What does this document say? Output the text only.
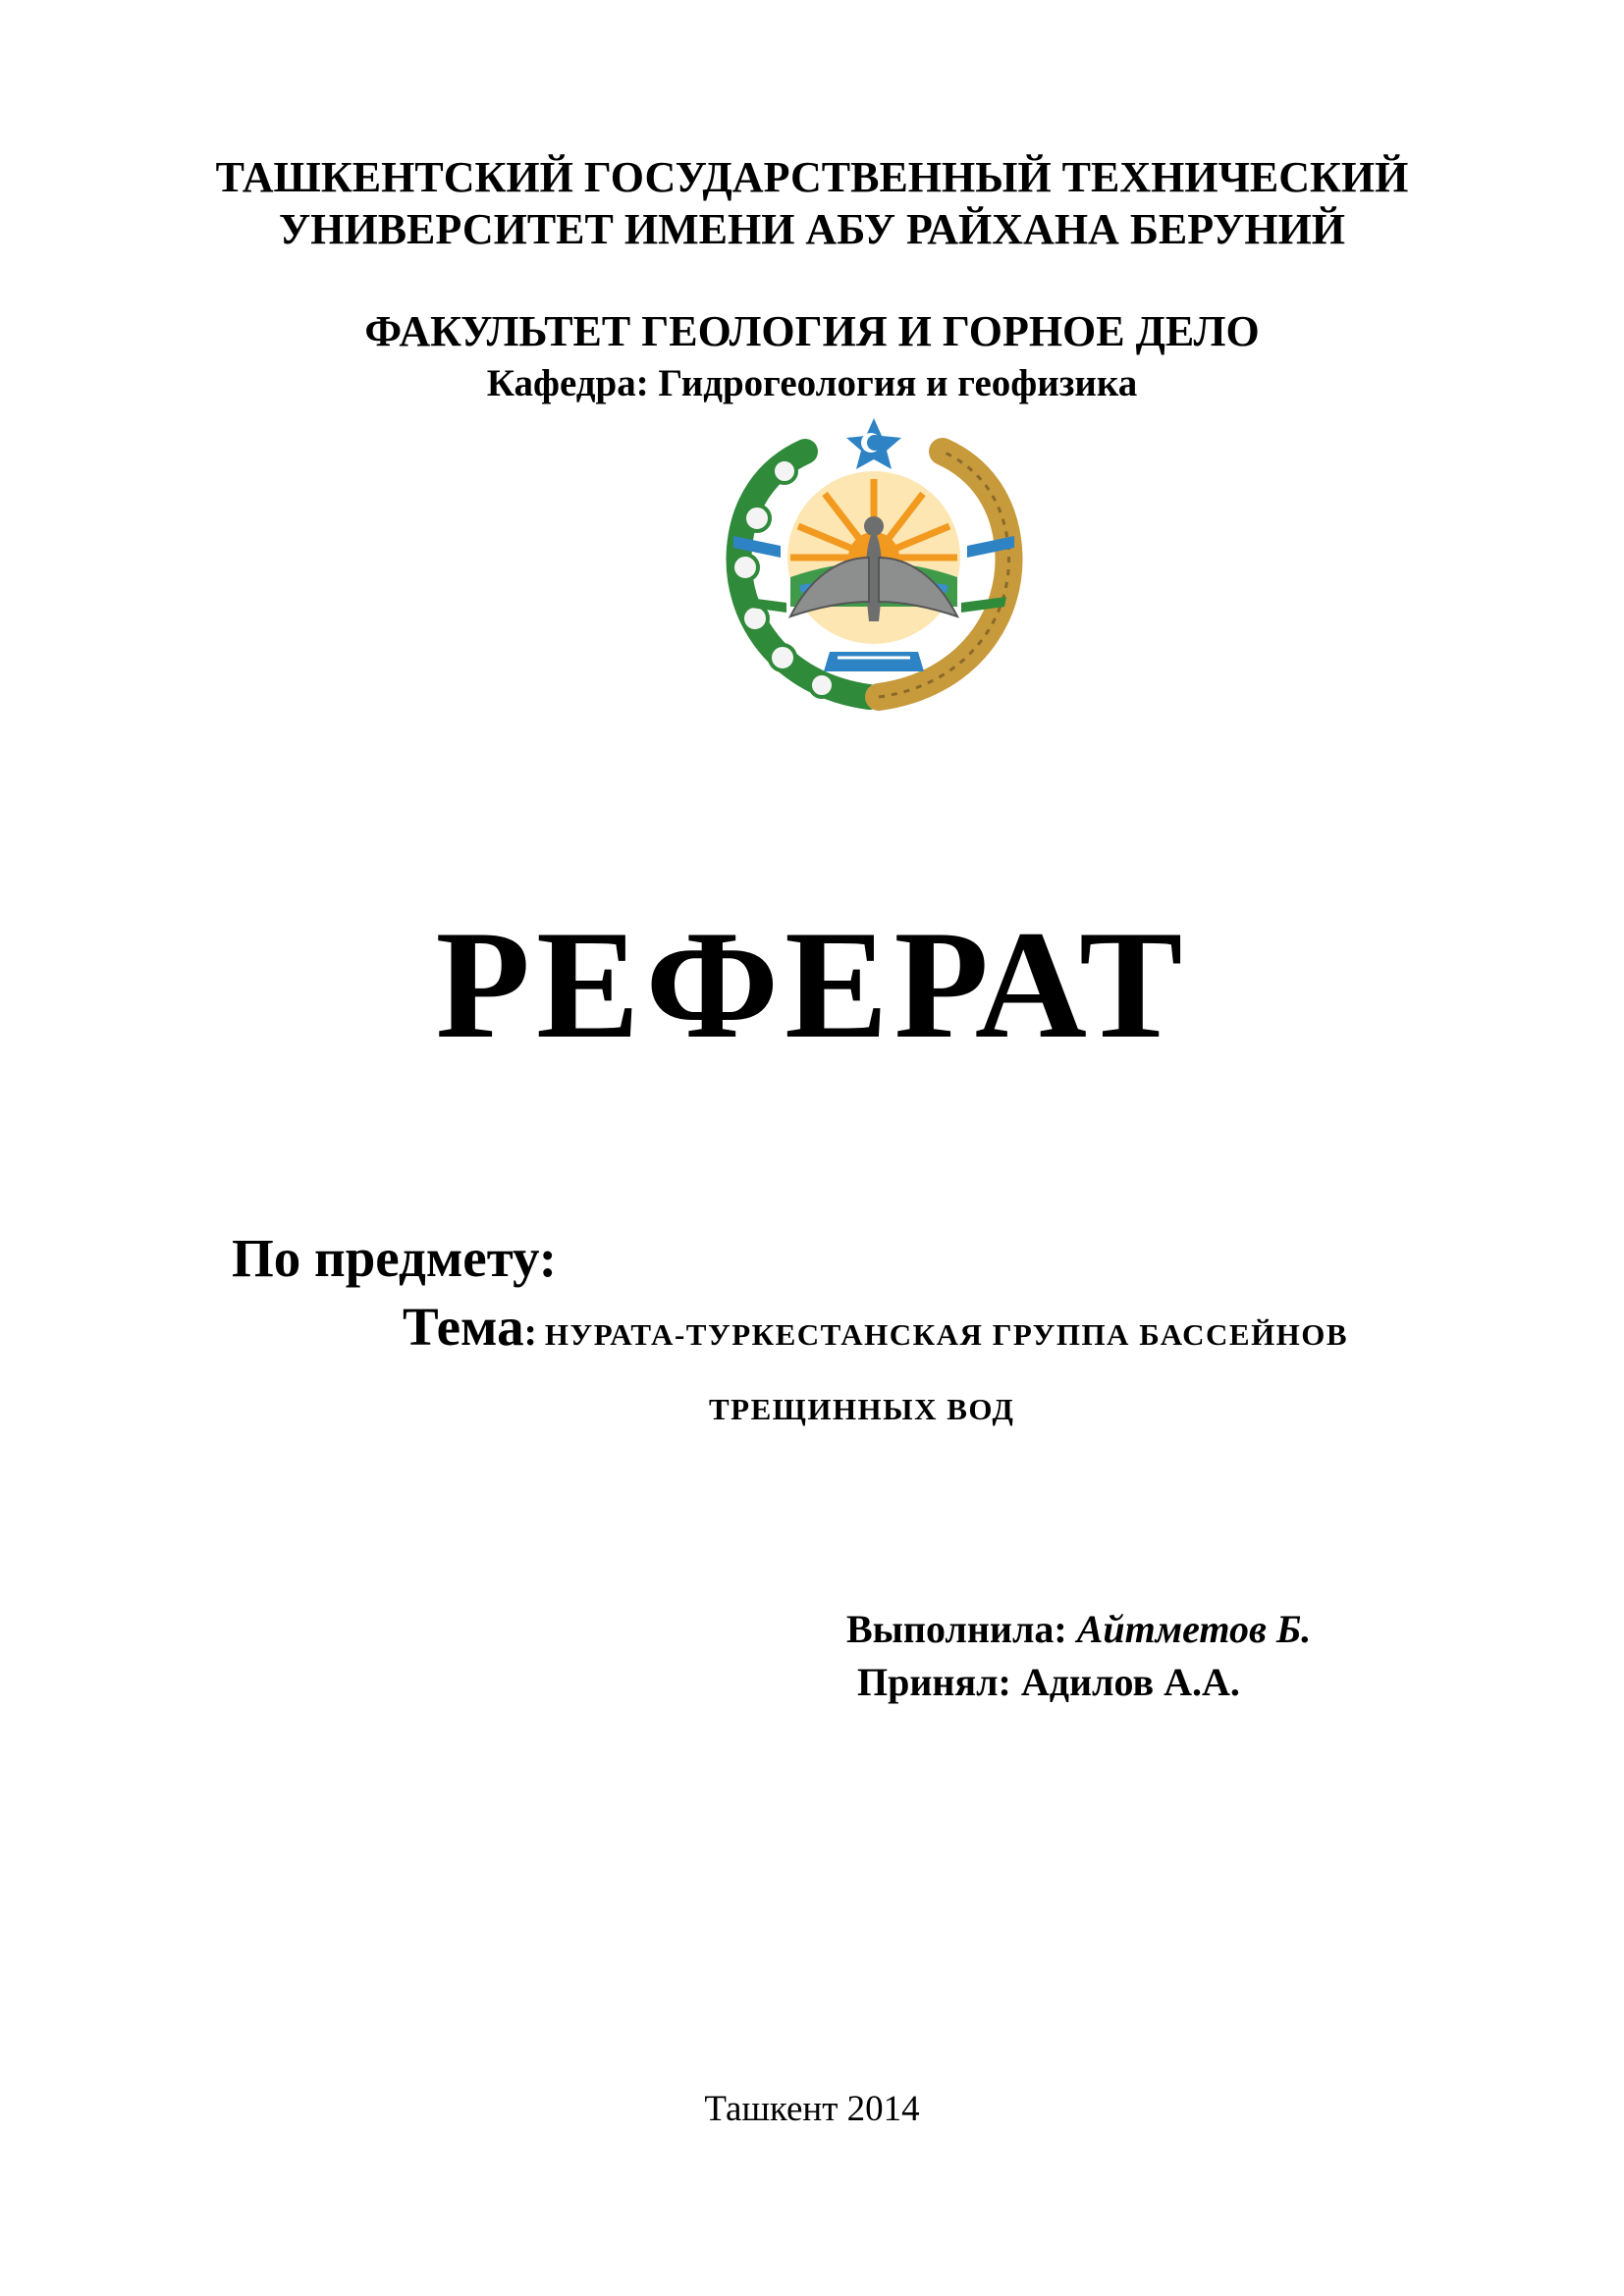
ТАШКЕНТСКИЙ ГОСУДАРСТВЕННЫЙ ТЕХНИЧЕСКИЙ
УНИВЕРСИТЕТ ИМЕНИ АБУ РАЙХАНА БЕРУНИЙ
ФАКУЛЬТЕТ ГЕОЛОГИЯ И ГОРНОЕ ДЕЛО
Кафедра: Гидрогеология и геофизика
РЕФЕРАТ
По предмету:
Тема: НУРАТА-ТУРКЕСТАНСКАЯ ГРУППА БАССЕЙНОВ
ТРЕЩИННЫХ ВОД
Выполнила: Айтметов Б.
Принял: Адилов А.А.
Ташкент 2014
